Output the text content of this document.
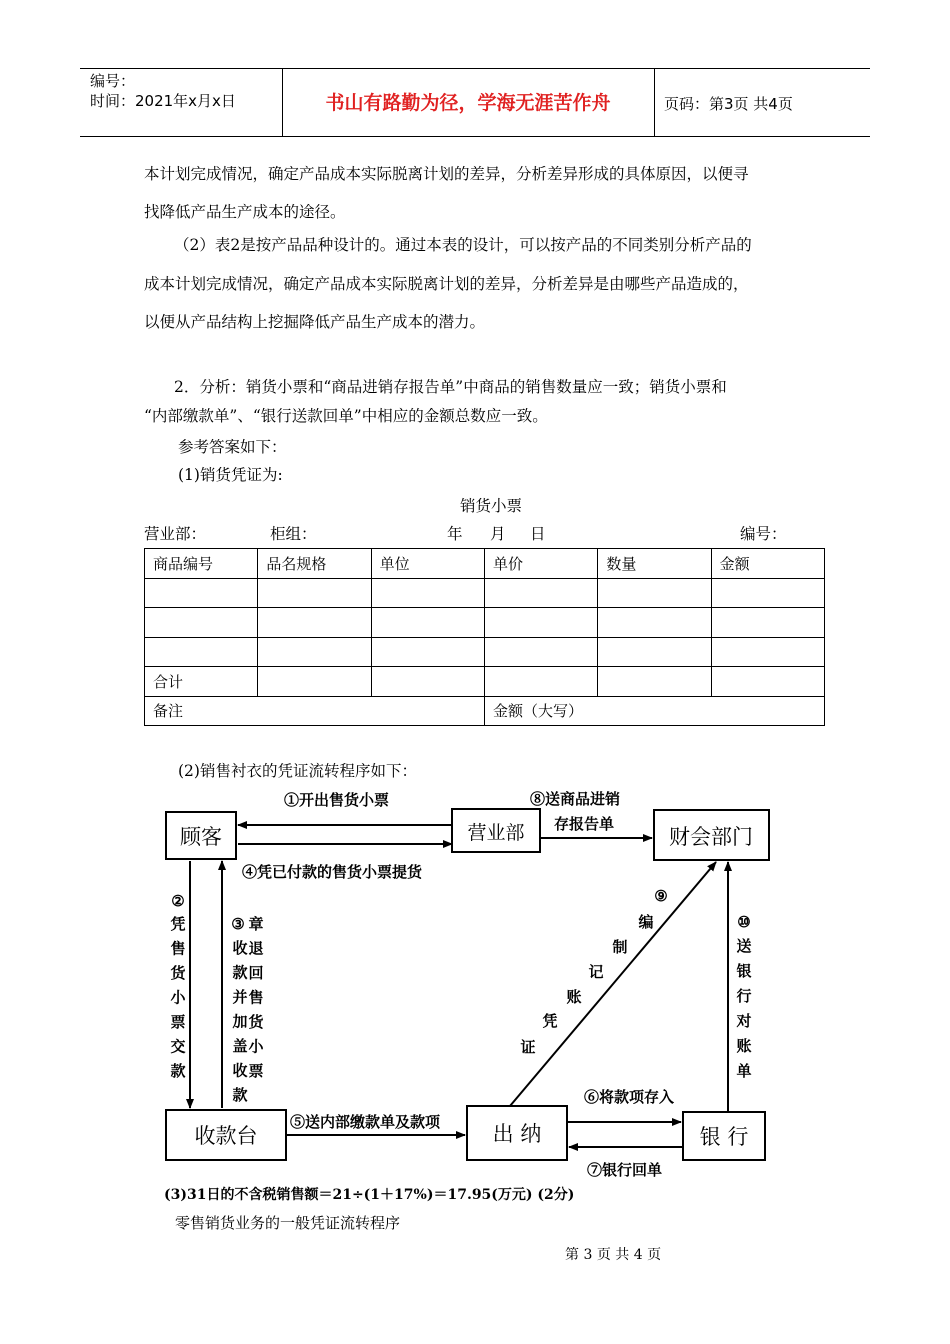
编号：
时间：2021年x月x日	书山有路勤为径，学海无涯苦作舟	页码：第3页 共4页
本计划完成情况，确定产品成本实际脱离计划的差异，分析差异形成的具体原因，以便寻
找降低产品生产成本的途径。
（2）表2是按产品品种设计的。通过本表的设计，可以按产品的不同类别分析产品的
成本计划完成情况，确定产品成本实际脱离计划的差异，分析差异是由哪些产品造成的，
以便从产品结构上挖掘降低产品生产成本的潜力。
2．分析：销货小票和“商品进销存报告单”中商品的销售数量应一致；销货小票和
“内部缴款单”、“银行送款回单”中相应的金额总数应一致。
参考答案如下：
(1)销货凭证为:
销货小票
营业部：	柜组：	年 月 日	编号：
商品编号	品名规格	单位	单价	数量	金额

合计					
备注			金额（大写）		
(2)销售衬衣的凭证流转程序如下：
顾客	营业部	财会部门
收款台	出 纳	银 行
①开出售货小票	⑧送商品进销
存报告单
④凭已付款的售货小票提货
⑤送内部缴款单及款项
⑥将款项存入
⑦银行回单
②
凭
售
货
小
票
交
款
③ 章
退
回
售
货
小
票
收
款
并
加
盖
收
款
⑨
编
制
记
账
凭
证
⑩
送
银
行
对
账
单
(3)31日的不含税销售额＝21÷(1＋17%)＝17.95(万元) (2分)
零售销货业务的一般凭证流转程序
第 3 页 共 4 页
